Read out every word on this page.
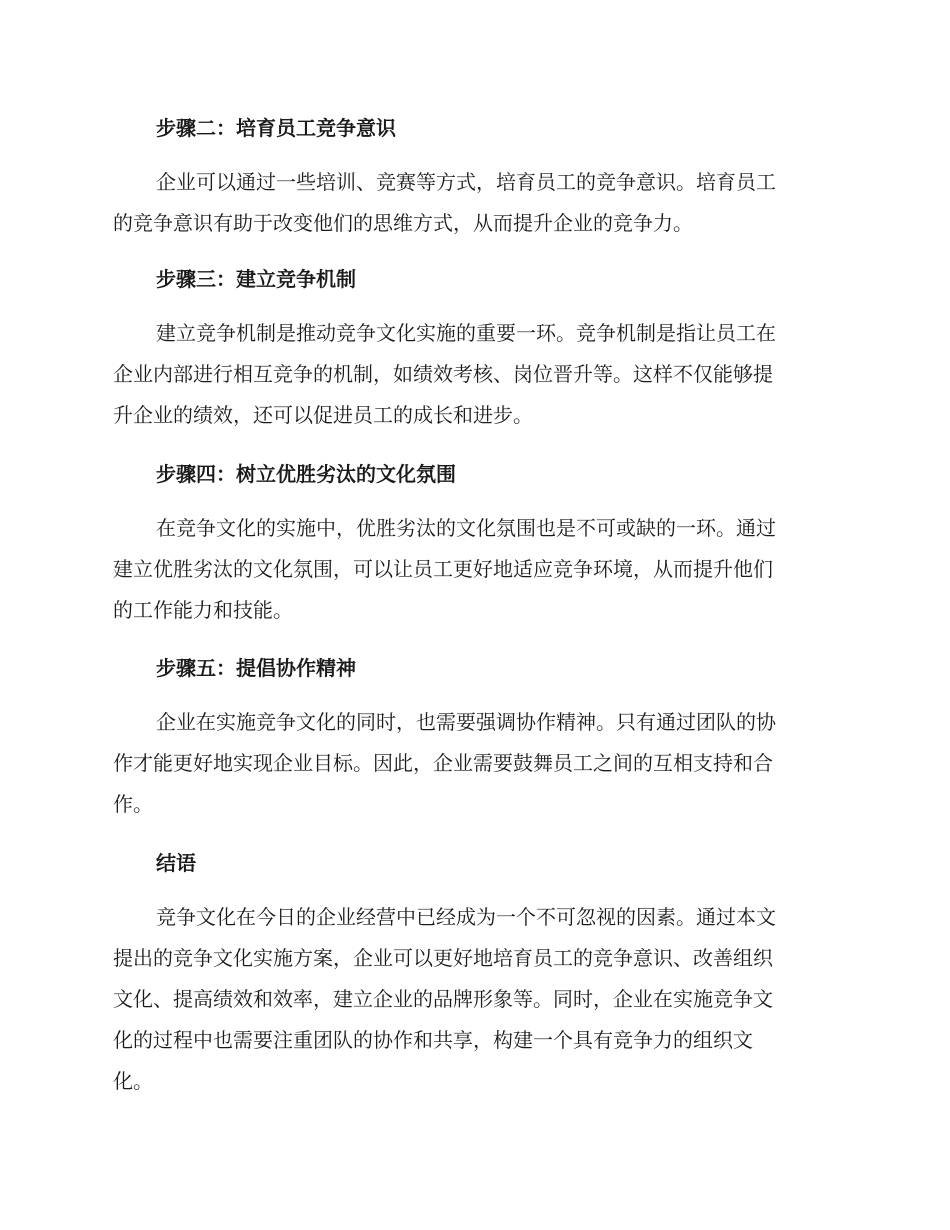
步骤二：培育员工竞争意识

企业可以通过一些培训、竞赛等方式，培育员工的竞争意识。培育员工
的竞争意识有助于改变他们的思维方式，从而提升企业的竞争力。

步骤三：建立竞争机制

建立竞争机制是推动竞争文化实施的重要一环。竞争机制是指让员工在
企业内部进行相互竞争的机制，如绩效考核、岗位晋升等。这样不仅能够提
升企业的绩效，还可以促进员工的成长和进步。

步骤四：树立优胜劣汰的文化氛围

在竞争文化的实施中，优胜劣汰的文化氛围也是不可或缺的一环。通过
建立优胜劣汰的文化氛围，可以让员工更好地适应竞争环境，从而提升他们
的工作能力和技能。

步骤五：提倡协作精神

企业在实施竞争文化的同时，也需要强调协作精神。只有通过团队的协
作才能更好地实现企业目标。因此，企业需要鼓舞员工之间的互相支持和合
作。

结语

竞争文化在今日的企业经营中已经成为一个不可忽视的因素。通过本文
提出的竞争文化实施方案，企业可以更好地培育员工的竞争意识、改善组织
文化、提高绩效和效率，建立企业的品牌形象等。同时，企业在实施竞争文
化的过程中也需要注重团队的协作和共享，构建一个具有竞争力的组织文
化。
